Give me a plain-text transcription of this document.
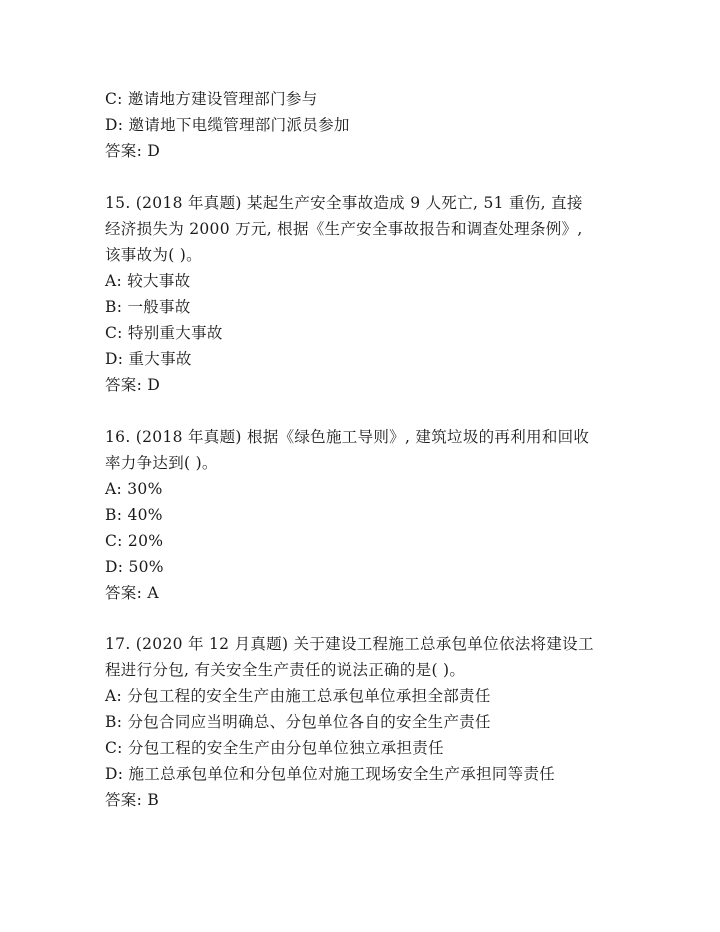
C: 邀请地方建设管理部门参与
D: 邀请地下电缆管理部门派员参加
答案: D
15. (2018 年真题) 某起生产安全事故造成 9 人死亡, 51 重伤, 直接
经济损失为 2000 万元, 根据《生产安全事故报告和调查处理条例》,
该事故为( )。
A: 较大事故
B: 一般事故
C: 特别重大事故
D: 重大事故
答案: D
16. (2018 年真题) 根据《绿色施工导则》, 建筑垃圾的再利用和回收
率力争达到( )。
A: 30%
B: 40%
C: 20%
D: 50%
答案: A
17. (2020 年 12 月真题) 关于建设工程施工总承包单位依法将建设工
程进行分包, 有关安全生产责任的说法正确的是( )。
A: 分包工程的安全生产由施工总承包单位承担全部责任
B: 分包合同应当明确总、分包单位各自的安全生产责任
C: 分包工程的安全生产由分包单位独立承担责任
D: 施工总承包单位和分包单位对施工现场安全生产承担同等责任
答案: B
